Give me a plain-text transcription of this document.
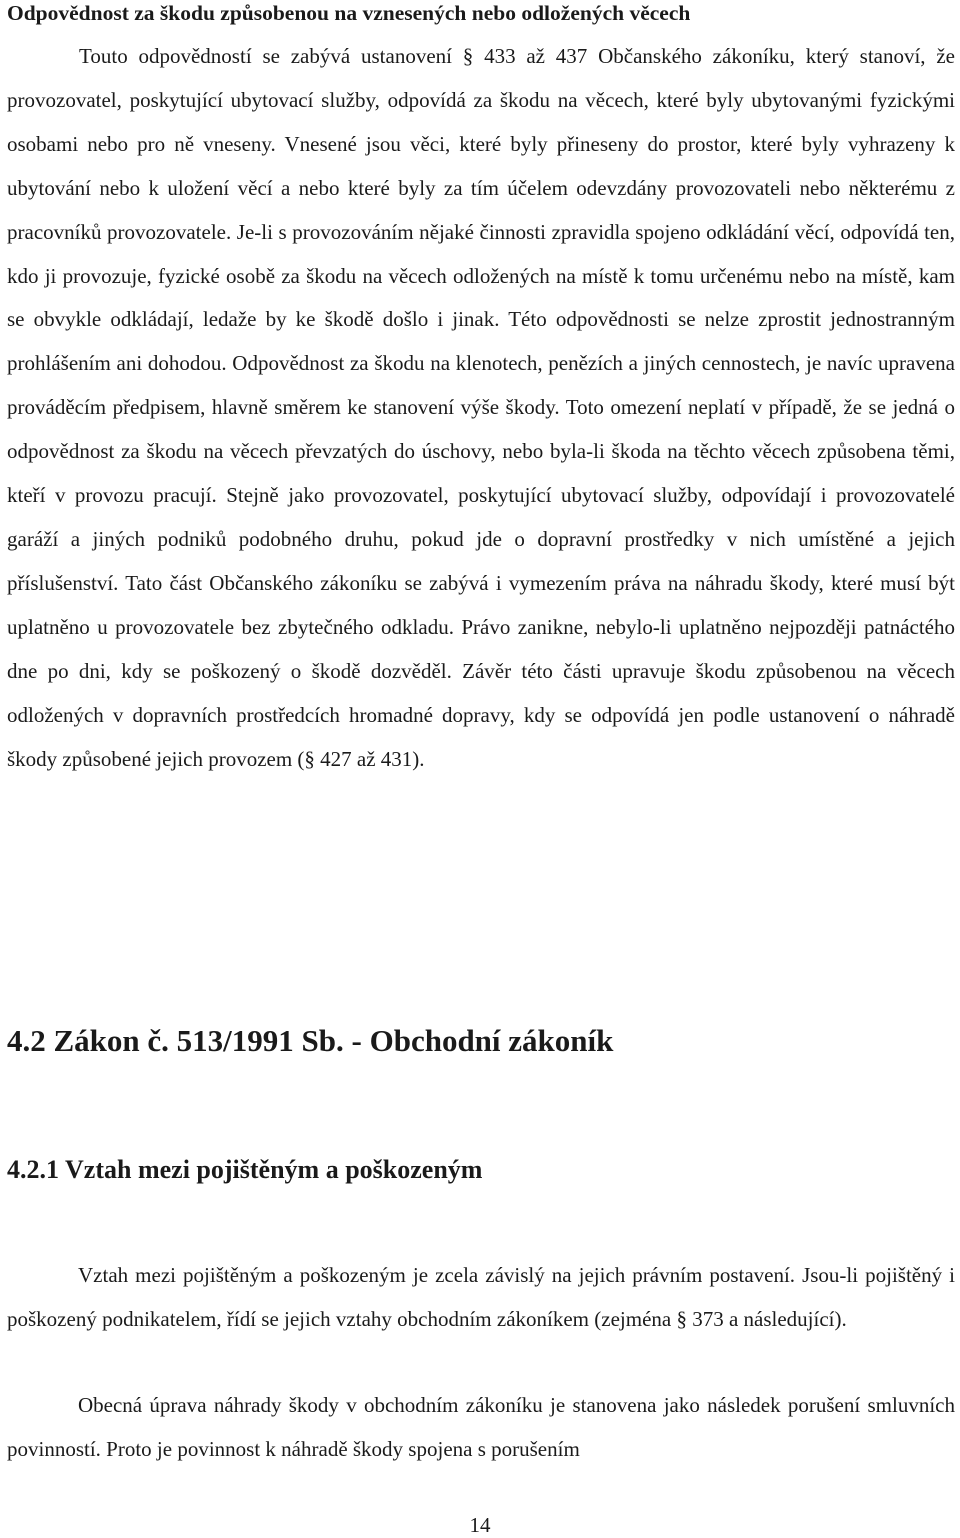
Odpovědnost za škodu způsobenou na vznesených nebo odložených věcech

Touto odpovědností se zabývá ustanovení § 433 až 437 Občanského zákoníku, který stanoví, že provozovatel, poskytující ubytovací služby, odpovídá za škodu na věcech, které byly ubytovanými fyzickými osobami nebo pro ně vneseny. Vnesené jsou věci, které byly přineseny do prostor, které byly vyhrazeny k ubytování nebo k uložení věcí a nebo které byly za tím účelem odevzdány provozovateli nebo některému z pracovníků provozovatele. Je-li s provozováním nějaké činnosti zpravidla spojeno odkládání věcí, odpovídá ten, kdo ji provozuje, fyzické osobě za škodu na věcech odložených na místě k tomu určenému nebo na místě, kam se obvykle odkládají, ledaže by ke škodě došlo i jinak. Této odpovědnosti se nelze zprostit jednostranným prohlášením ani dohodou. Odpovědnost za škodu na klenotech, penězích a jiných cennostech, je navíc upravena prováděcím předpisem, hlavně směrem ke stanovení výše škody. Toto omezení neplatí v případě, že se jedná o odpovědnost za škodu na věcech převzatých do úschovy, nebo byla-li škoda na těchto věcech způsobena těmi, kteří v provozu pracují. Stejně jako provozovatel, poskytující ubytovací služby, odpovídají i provozovatelé garáží a jiných podniků podobného druhu, pokud jde o dopravní prostředky v nich umístěné a jejich příslušenství. Tato část Občanského zákoníku se zabývá i vymezením práva na náhradu škody, které musí být uplatněno u provozovatele bez zbytečného odkladu. Právo zanikne, nebylo-li uplatněno nejpozději patnáctého dne po dni, kdy se poškozený o škodě dozvěděl. Závěr této části upravuje škodu způsobenou na věcech odložených v dopravních prostředcích hromadné dopravy, kdy se odpovídá jen podle ustanovení o náhradě škody způsobené jejich provozem (§ 427 až 431).

4.2 Zákon č. 513/1991 Sb. - Obchodní zákoník
4.2.1 Vztah mezi pojištěným a poškozeným

Vztah mezi pojištěným a poškozeným je zcela závislý na jejich právním postavení. Jsou-li pojištěný i poškozený podnikatelem, řídí se jejich vztahy obchodním zákoníkem (zejména § 373 a následující).

Obecná úprava náhrady škody v obchodním zákoníku je stanovena jako následek porušení smluvních povinností. Proto je povinnost k náhradě škody spojena s porušením

14
